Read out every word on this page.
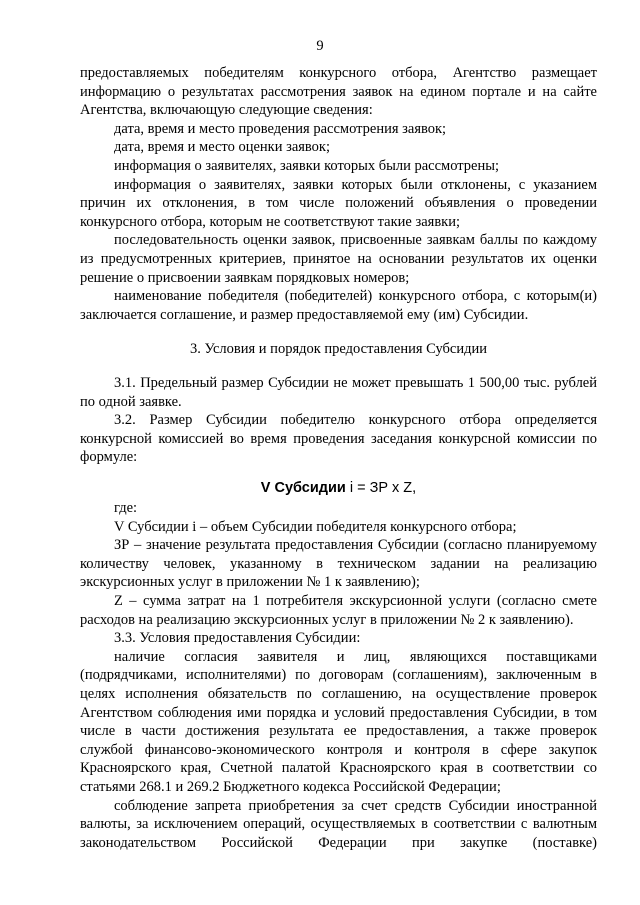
9

предоставляемых победителям конкурсного отбора, Агентство размещает информацию о результатах рассмотрения заявок на едином портале и на сайте Агентства, включающую следующие сведения:

дата, время и место проведения рассмотрения заявок;

дата, время и место оценки заявок;

информация о заявителях, заявки которых были рассмотрены;

информация о заявителях, заявки которых были отклонены, с указанием причин их отклонения, в том числе положений объявления о проведении конкурсного отбора, которым не соответствуют такие заявки;

последовательность оценки заявок, присвоенные заявкам баллы по каждому из предусмотренных критериев, принятое на основании результатов их оценки решение о присвоении заявкам порядковых номеров;

наименование победителя (победителей) конкурсного отбора, с которым(и) заключается соглашение, и размер предоставляемой ему (им) Субсидии.

3. Условия и порядок предоставления Субсидии

3.1. Предельный размер Субсидии не может превышать 1 500,00 тыс. рублей по одной заявке.

3.2. Размер Субсидии победителю конкурсного отбора определяется конкурсной комиссией во время проведения заседания конкурсной комиссии по формуле:

V Субсидии i = ЗР x Z,

где:

V Субсидии i – объем Субсидии победителя конкурсного отбора;

ЗР – значение результата предоставления Субсидии (согласно планируемому количеству человек, указанному в техническом задании на реализацию экскурсионных услуг в приложении № 1 к заявлению);

Z – сумма затрат на 1 потребителя экскурсионной услуги (согласно смете расходов на реализацию экскурсионных услуг в приложении № 2 к заявлению).

3.3. Условия предоставления Субсидии:

наличие согласия заявителя и лиц, являющихся поставщиками (подрядчиками, исполнителями) по договорам (соглашениям), заключенным в целях исполнения обязательств по соглашению, на осуществление проверок Агентством соблюдения ими порядка и условий предоставления Субсидии, в том числе в части достижения результата ее предоставления, а также проверок службой финансово-экономического контроля и контроля в сфере закупок Красноярского края, Счетной палатой Красноярского края в соответствии со статьями 268.1 и 269.2 Бюджетного кодекса Российской Федерации;

соблюдение запрета приобретения за счет средств Субсидии иностранной валюты, за исключением операций, осуществляемых в соответствии с валютным законодательством Российской Федерации при закупке (поставке)
